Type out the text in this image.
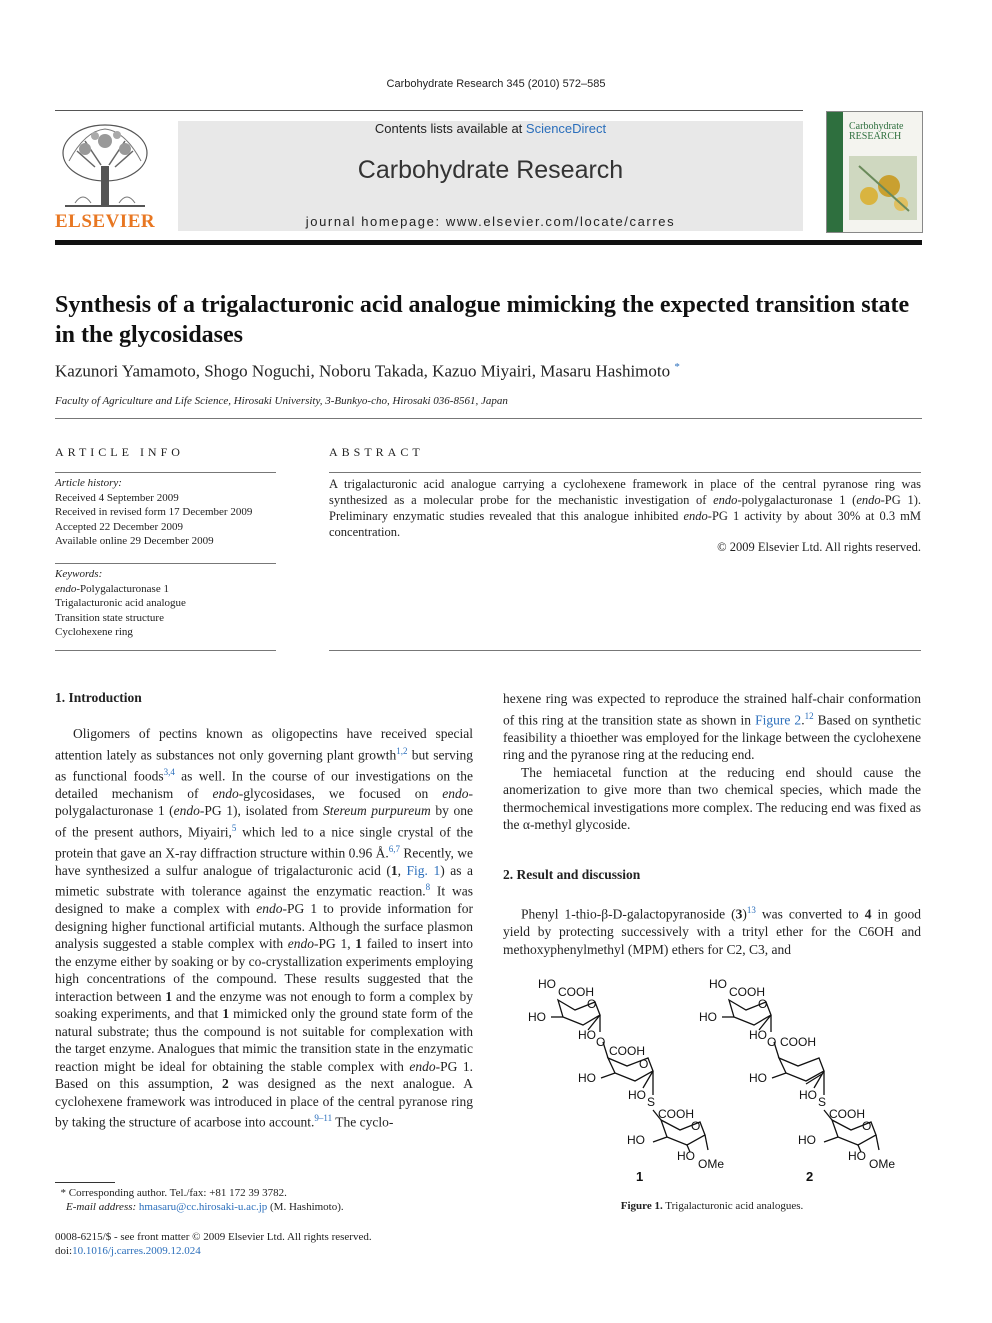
Carbohydrate Research 345 (2010) 572–585
ELSEVIER
Contents lists available at ScienceDirect
Carbohydrate Research
journal homepage: www.elsevier.com/locate/carres
Carbohydrate
RESEARCH
Synthesis of a trigalacturonic acid analogue mimicking the expected transition state in the glycosidases
Kazunori Yamamoto, Shogo Noguchi, Noboru Takada, Kazuo Miyairi, Masaru Hashimoto *
Faculty of Agriculture and Life Science, Hirosaki University, 3-Bunkyo-cho, Hirosaki 036-8561, Japan
ARTICLE INFO	ABSTRACT
Article history:
Received 4 September 2009
Received in revised form 17 December 2009
Accepted 22 December 2009
Available online 29 December 2009
Keywords:
endo-Polygalacturonase 1
Trigalacturonic acid analogue
Transition state structure
Cyclohexene ring
A trigalacturonic acid analogue carrying a cyclohexene framework in place of the central pyranose ring was synthesized as a molecular probe for the mechanistic investigation of endo-polygalacturonase 1 (endo-PG 1). Preliminary enzymatic studies revealed that this analogue inhibited endo-PG 1 activity by about 30% at 0.3 mM concentration.
© 2009 Elsevier Ltd. All rights reserved.
1. Introduction

Oligomers of pectins known as oligopectins have received special attention lately as substances not only governing plant growth$^{1,2}$ but serving as functional foods$^{3,4}$ as well. In the course of our investigations on the detailed mechanism of endo-glycosidases, we focused on endo-polygalacturonase 1 (endo-PG 1), isolated from Stereum purpureum by one of the present authors, Miyairi,$^5$ which led to a nice single crystal of the protein that gave an X-ray diffraction structure within 0.96 Å.$^{6,7}$ Recently, we have synthesized a sulfur analogue of trigalacturonic acid (1, Fig. 1) as a mimetic substrate with tolerance against the enzymatic reaction.$^8$ It was designed to make a complex with endo-PG 1 to provide information for designing higher functional artificial mutants. Although the surface plasmon analysis suggested a stable complex with endo-PG 1, 1 failed to insert into the enzyme either by soaking or by co-crystallization experiments employing high concentrations of the compound. These results suggested that the interaction between 1 and the enzyme was not enough to form a complex by soaking experiments, and that 1 mimicked only the ground state form of the natural substrate; thus the compound is not suitable for complexation with the target enzyme. Analogues that mimic the transition state in the enzymatic reaction might be ideal for obtaining the stable complex with endo-PG 1. Based on this assumption, 2 was designed as the next analogue. A cyclohexene framework was introduced in place of the central pyranose ring by taking the structure of acarbose into account.$^{9-11}$ The cyclo-

hexene ring was expected to reproduce the strained half-chair conformation of this ring at the transition state as shown in Figure 2.12 Based on synthetic feasibility a thioether was employed for the linkage between the cyclohexene ring and the pyranose ring at the reducing end.

The hemiacetal function at the reducing end should cause the anomerization to give more than two chemical species, which made the thermochemical investigations more complex. The reducing end was fixed as the α-methyl glycoside.

2. Result and discussion

Phenyl 1-thio-β-D-galactopyranoside $(3)^{13}$ was converted to 4 in good yield by protecting successively with a trityl ether for the C6OH and methoxyphenylmethyl (MPM) ethers for C2, C3, and

HO
COOH
O
HO
HO O
COOH
O
HO
HO S
COOH
O
HO
HO
OMe
1
HO
COOH
O
HO
HO O COOH
HO
HO S
COOH
O
HO
HO
OMe
2
Figure 1. Trigalacturonic acid analogues.
* Corresponding author. Tel./fax: +81 172 39 3782.
E-mail address: hmasaru@cc.hirosaki-u.ac.jp (M. Hashimoto).
0008-6215/$ - see front matter © 2009 Elsevier Ltd. All rights reserved.
doi:10.1016/j.carres.2009.12.024
